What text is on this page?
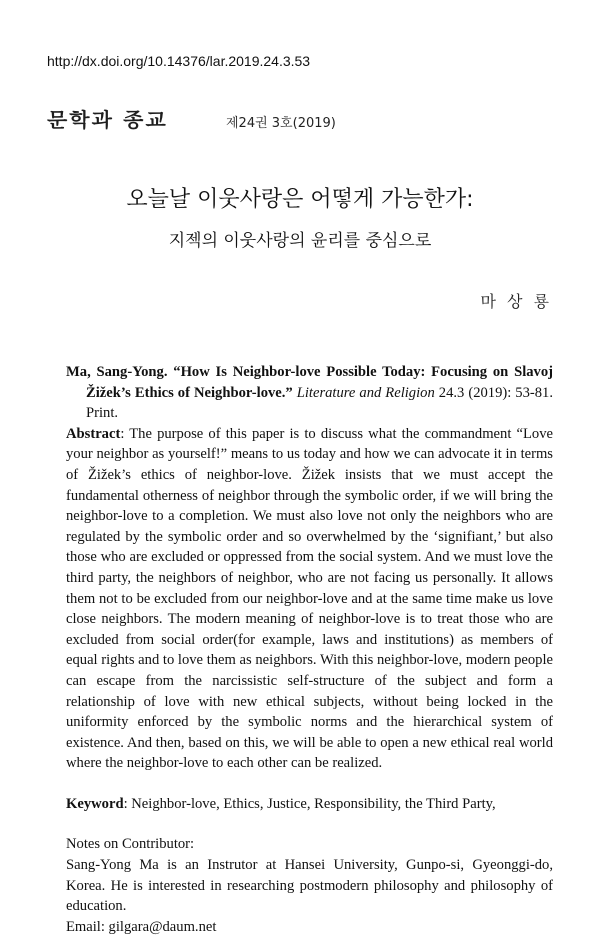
http://dx.doi.org/10.14376/lar.2019.24.3.53
문학과 종교	제24권 3호(2019)
오늘날 이웃사랑은 어떻게 가능한가:
지젝의 이웃사랑의 윤리를 중심으로
마 상 룡

Ma, Sang-Yong. “How Is Neighbor-love Possible Today: Focusing on Slavoj Žižek’s Ethics of Neighbor-love.” Literature and Religion 24.3 (2019): 53-81. Print.

Abstract: The purpose of this paper is to discuss what the commandment “Love your neighbor as yourself!” means to us today and how we can advocate it in terms of Žižek’s ethics of neighbor-love. Žižek insists that we must accept the fundamental otherness of neighbor through the symbolic order, if we will bring the neighbor-love to a completion. We must also love not only the neighbors who are regulated by the symbolic order and so overwhelmed by the ‘signifiant,’ but also those who are excluded or oppressed from the social system. And we must love the third party, the neighbors of neighbor, who are not facing us personally. It allows them not to be excluded from our neighbor-love and at the same time make us love close neighbors. The modern meaning of neighbor-love is to treat those who are excluded from social order(for example, laws and institutions) as members of equal rights and to love them as neighbors. With this neighbor-love, modern people can escape from the narcissistic self-structure of the subject and form a relationship of love with new ethical subjects, without being locked in the uniformity enforced by the symbolic norms and the hierarchical system of existence. And then, based on this, we will be able to open a new ethical real world where the neighbor-love to each other can be realized.

Keyword: Neighbor-love, Ethics, Justice, Responsibility, the Third Party,

Notes on Contributor:
Sang-Yong Ma is an Instrutor at Hansei University, Gunpo-si, Gyeonggi-do, Korea. He is interested in researching postmodern philosophy and philosophy of education.
Email: gilgara@daum.net
